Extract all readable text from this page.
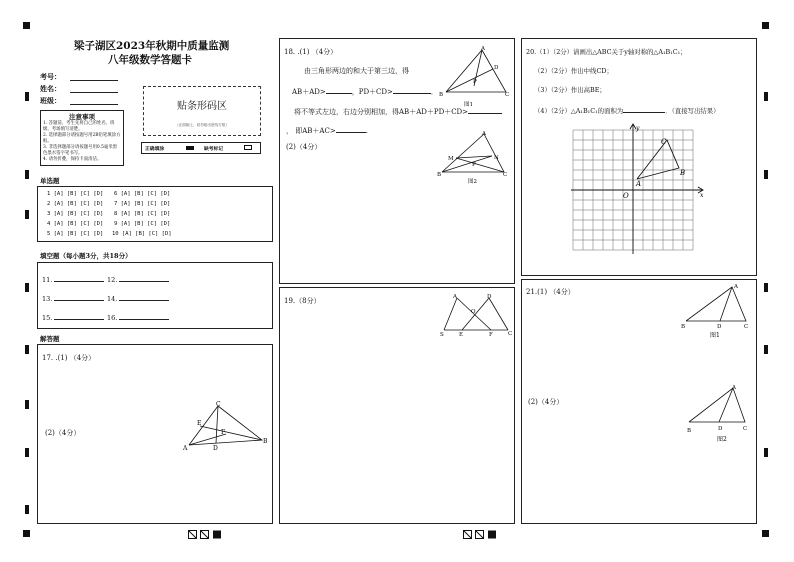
梁子湖区2023年秋期中质量监测
八年级数学答题卡
考号：
姓名：
班级：
注意事项
1. 答题前，考生先将自己的姓名、班级、考场填写清楚。
2. 选择题部分请按题号用2B铅笔填涂方框。
3. 非选择题部分请按题号用0.5毫米黑色墨水签字笔书写。
4. 请勿折叠，保持卡面清洁。
贴条形码区
（正面朝上，切勿贴出虚线方框）
正确填涂	缺考标记
单选题
1 [A] [B] [C] [D]
2 [A] [B] [C] [D]
3 [A] [B] [C] [D]
4 [A] [B] [C] [D]
5 [A] [B] [C] [D]
6 [A] [B] [C] [D]
7 [A] [B] [C] [D]
8 [A] [B] [C] [D]
9 [A] [B] [C] [D]
10 [A] [B] [C] [D]
填空题（每小题3分，共18分）
11.	12.
13.	14.
15.	16.
解答题
17. .(1) （4分）
(2)（4分）
C
E
F
A	D
B
18. .(1) （4分）
由三角形两边的和大于第三边，得
AB＋AD>	，PD＋CD>	．
将不等式左边，右边分别相加，得AB＋AD＋PD＋CD>
， 即AB＋AC>	.
(2)（4分）
A
D
P
B	C
图1
A
M	N
P
B	C
图2
19.（8分）	A	D
O
S	E	F	C
20.（1）（2分）请画出△ABC关于y轴对称的△A₁B₁C₁；
（2）（2分）作出中线CD；
（3）（2分）作出高BE；
（4）（2分）△A₁B₁C₁的面积为	．（直接写出结果）
y
x
O
A
B
C
21.(1) （4分）
(2)（4分）
A
B	D	C
图1
A
B	D	C
图2
